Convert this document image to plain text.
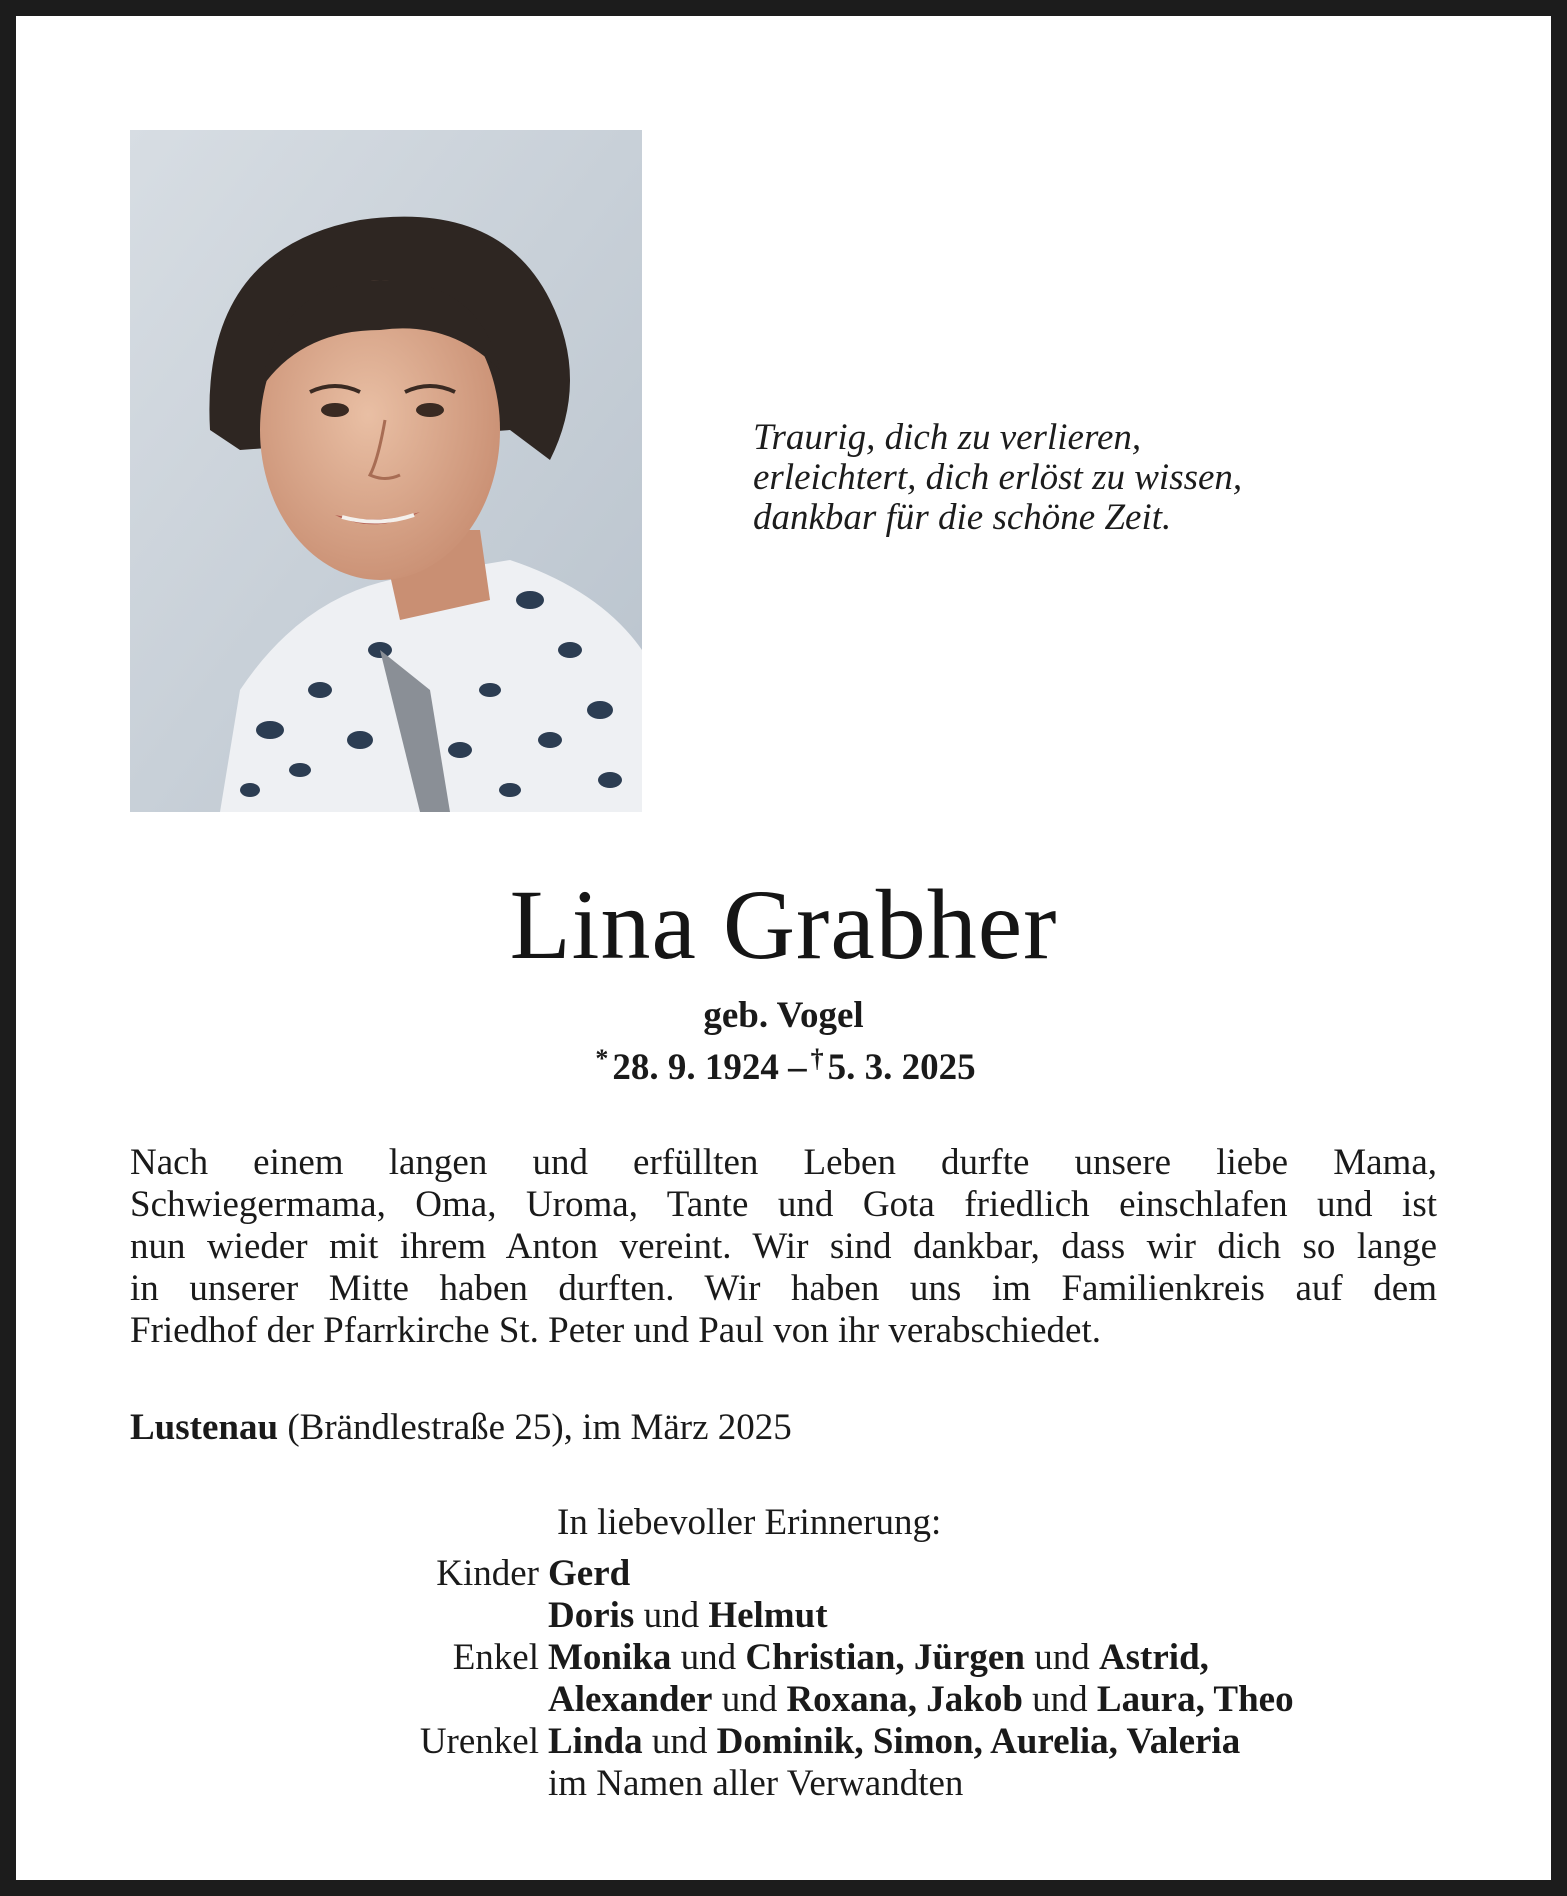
Traurig, dich zu verlieren,
erleichtert, dich erlöst zu wissen,
dankbar für die schöne Zeit.
Lina Grabher
geb. Vogel
* 28. 9. 1924 – † 5. 3. 2025
Nach einem langen und erfüllten Leben durfte unsere liebe Mama,
Schwiegermama, Oma, Uroma, Tante und Gota friedlich einschlafen und ist
nun wieder mit ihrem Anton vereint. Wir sind dankbar, dass wir dich so lange
in unserer Mitte haben durften. Wir haben uns im Familienkreis auf dem
Friedhof der Pfarrkirche St. Peter und Paul von ihr verabschiedet.
Lustenau (Brändlestraße 25), im März 2025
In liebevoller Erinnerung:
Kinder Gerd
Doris und Helmut
Enkel Monika und Christian, Jürgen und Astrid,
Alexander und Roxana, Jakob und Laura, Theo
Urenkel Linda und Dominik, Simon, Aurelia, Valeria
im Namen aller Verwandten
